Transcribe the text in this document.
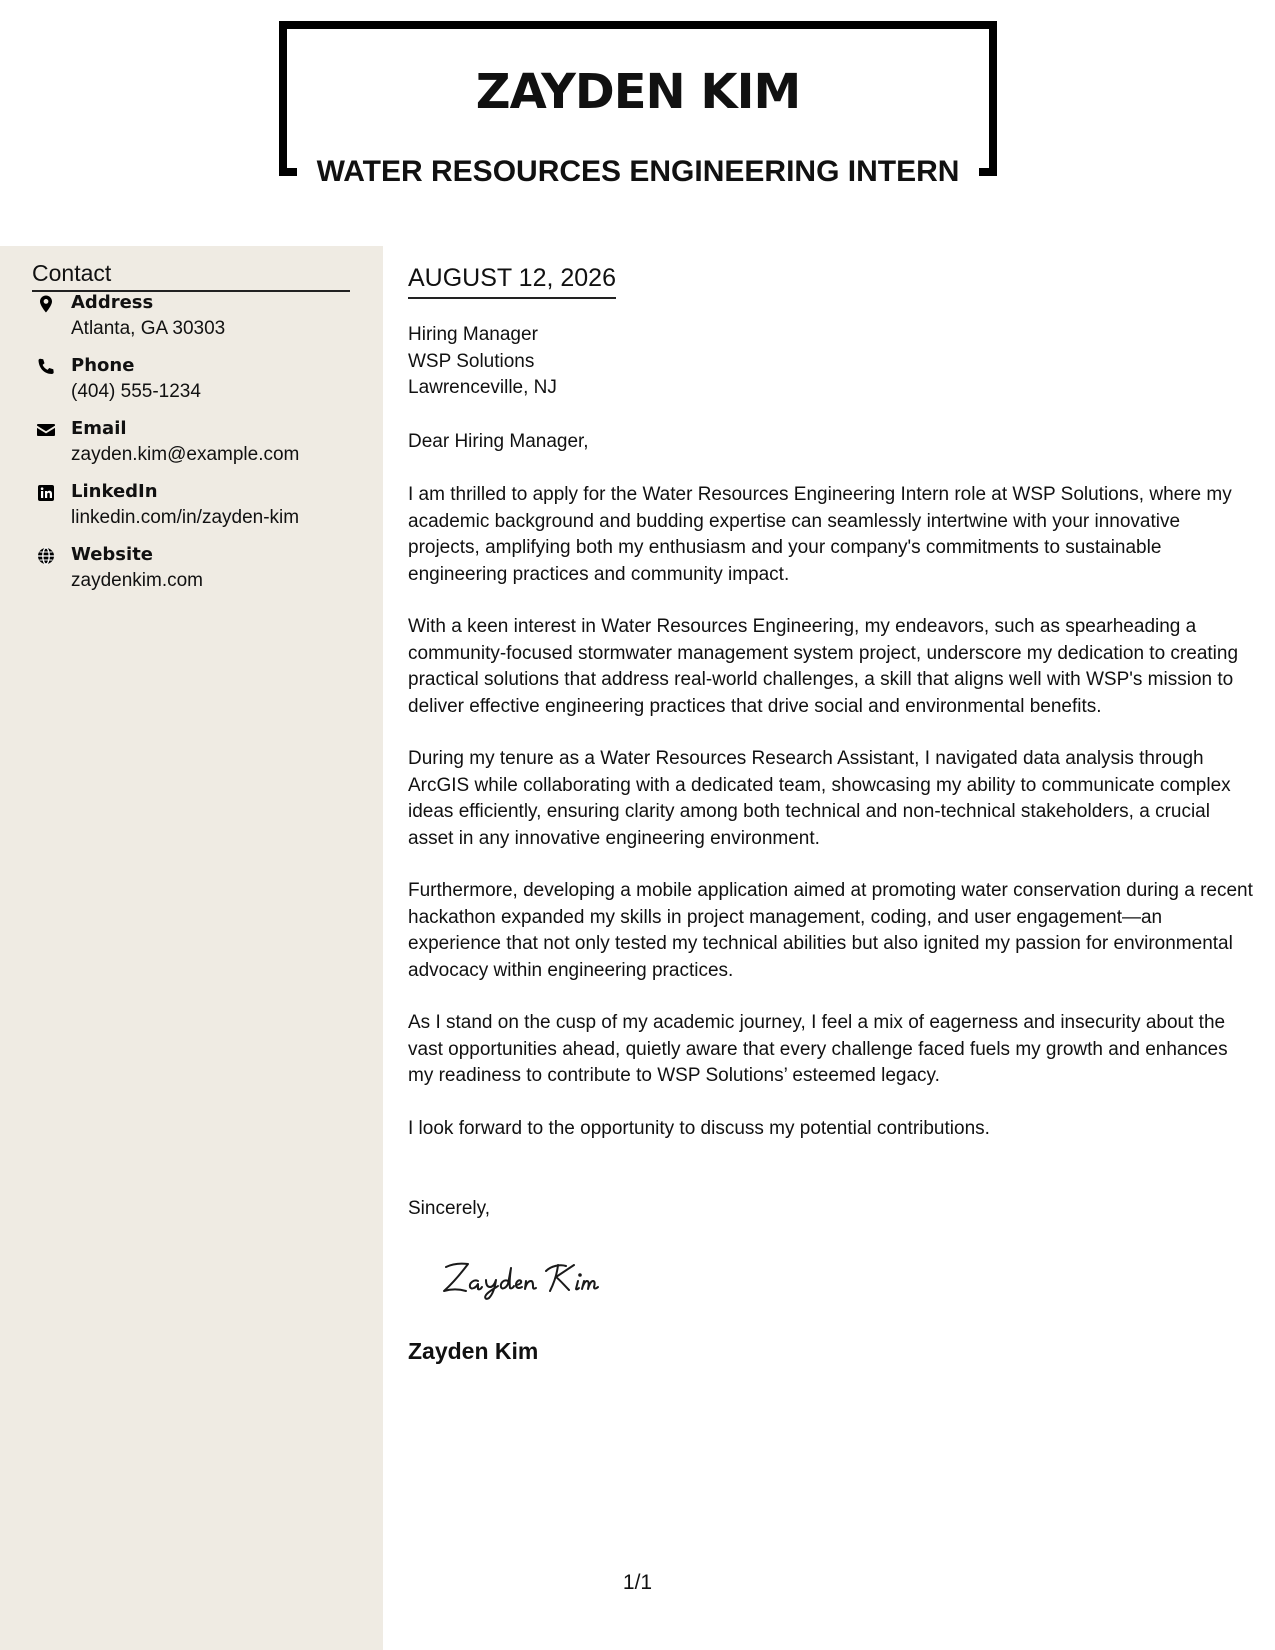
ZAYDEN KIM
WATER RESOURCES ENGINEERING INTERN
Contact
Address
Atlanta, GA 30303
Phone
(404) 555-1234
Email
zayden.kim@example.com
LinkedIn
linkedin.com/in/zayden-kim
Website
zaydenkim.com
AUGUST 12, 2026
Hiring Manager
WSP Solutions
Lawrenceville, NJ

Dear Hiring Manager,

I am thrilled to apply for the Water Resources Engineering Intern role at WSP Solutions, where my academic background and budding expertise can seamlessly intertwine with your innovative projects, amplifying both my enthusiasm and your company's commitments to sustainable engineering practices and community impact.

With a keen interest in Water Resources Engineering, my endeavors, such as spearheading a community-focused stormwater management system project, underscore my dedication to creating practical solutions that address real-world challenges, a skill that aligns well with WSP's mission to deliver effective engineering practices that drive social and environmental benefits.

During my tenure as a Water Resources Research Assistant, I navigated data analysis through ArcGIS while collaborating with a dedicated team, showcasing my ability to communicate complex ideas efficiently, ensuring clarity among both technical and non-technical stakeholders, a crucial asset in any innovative engineering environment.

Furthermore, developing a mobile application aimed at promoting water conservation during a recent hackathon expanded my skills in project management, coding, and user engagement—an experience that not only tested my technical abilities but also ignited my passion for environmental advocacy within engineering practices.

As I stand on the cusp of my academic journey, I feel a mix of eagerness and insecurity about the vast opportunities ahead, quietly aware that every challenge faced fuels my growth and enhances my readiness to contribute to WSP Solutions’ esteemed legacy.

I look forward to the opportunity to discuss my potential contributions.

Sincerely,

Zayden Kim
1/1
